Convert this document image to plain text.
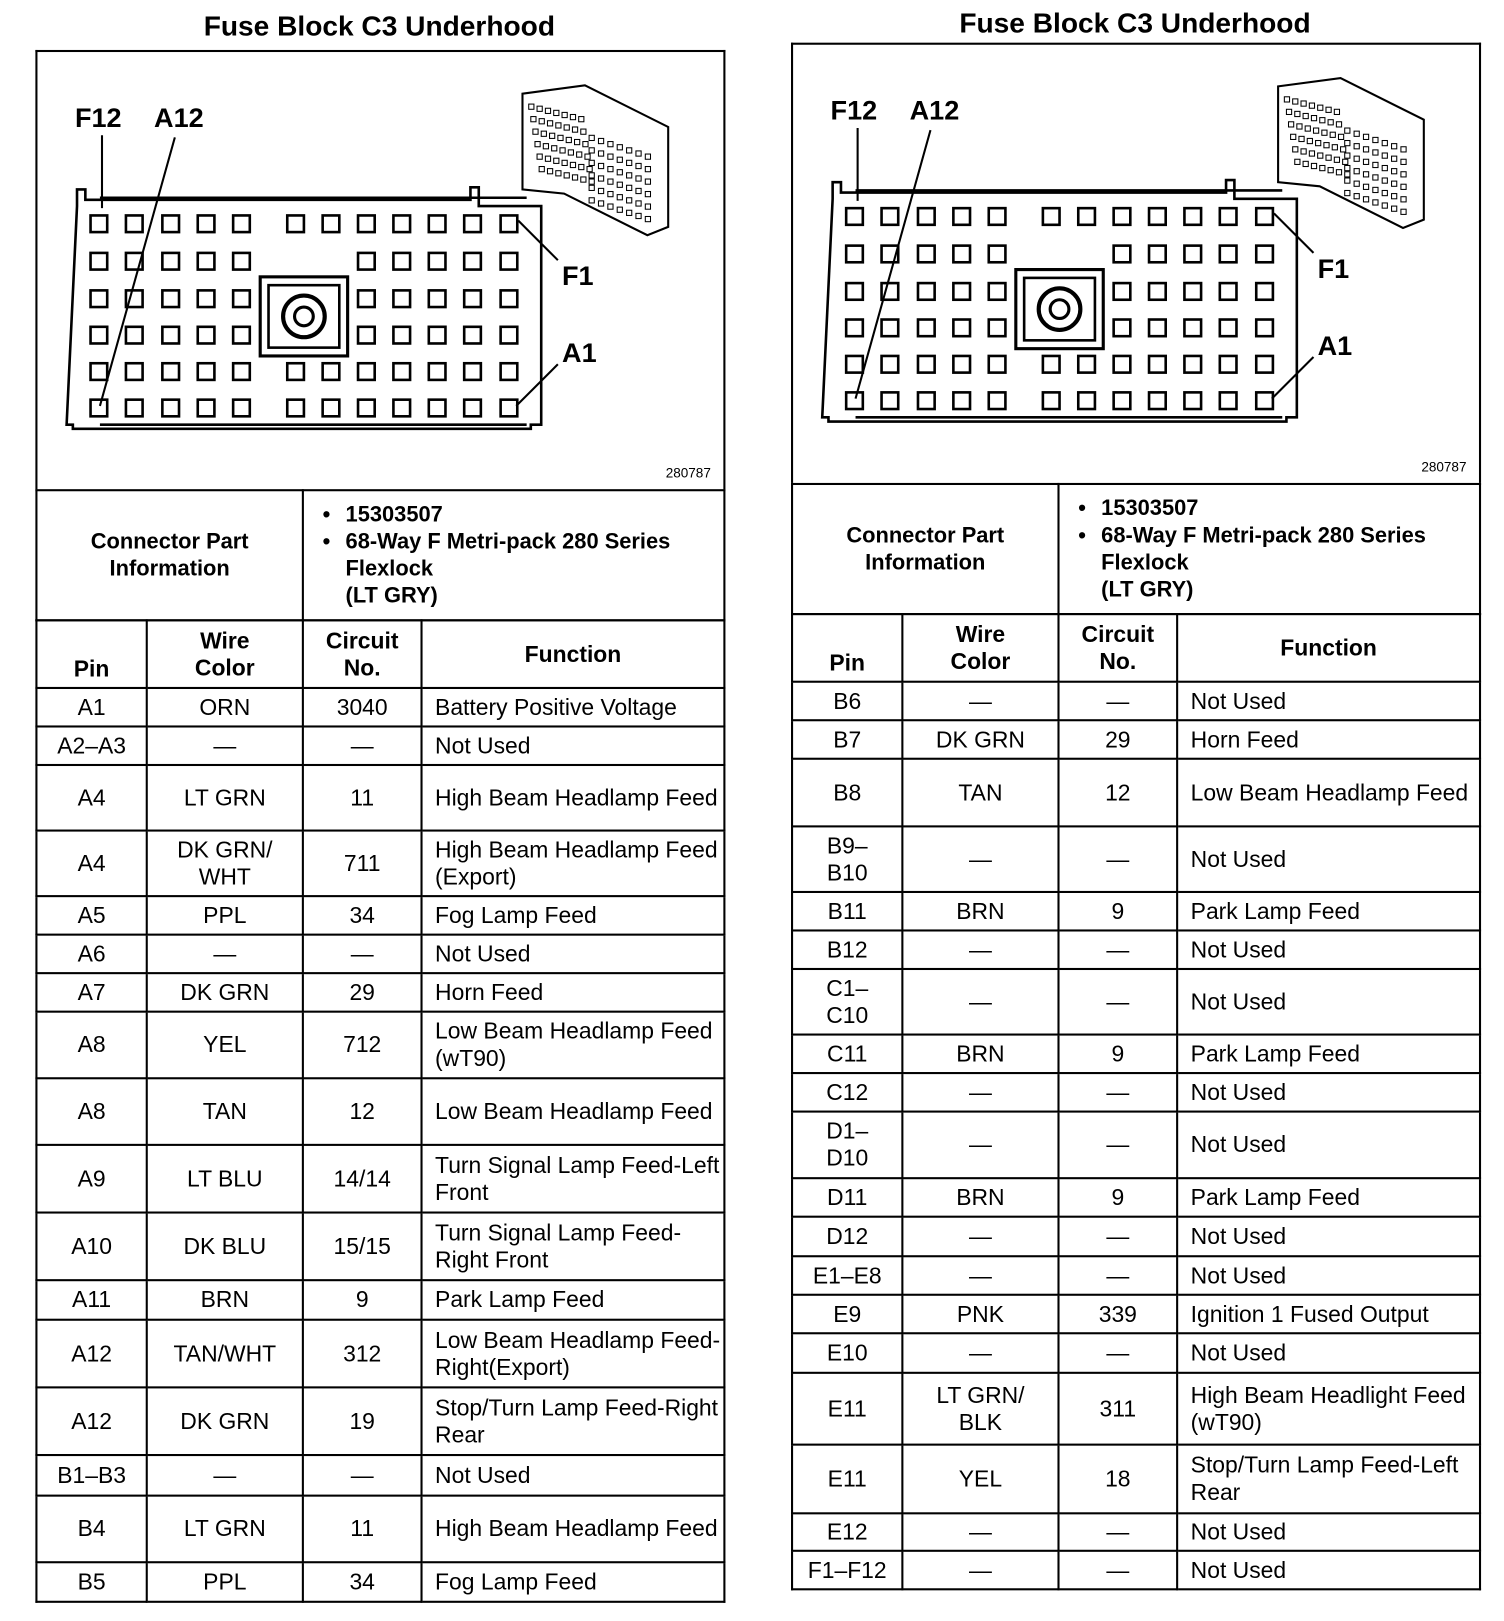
Fuse Block C3 Underhood
F12 A12
F1
A1
280787
Connector Part Information	
• 15303507
• 68-Way F Metri-pack 280 Series Flexlock
(LT GRY)
Pin	Wire Color	Circuit No.	Function
A1	ORN	3040	Battery Positive Voltage
A2–A3	—	—	Not Used
A4	LT GRN	11	High Beam Headlamp Feed
A4	DK GRN/ WHT	711	High Beam Headlamp Feed (Export)
A5	PPL	34	Fog Lamp Feed
A6	—	—	Not Used
A7	DK GRN	29	Horn Feed
A8	YEL	712	Low Beam Headlamp Feed (wT90)
A8	TAN	12	Low Beam Headlamp Feed
A9	LT BLU	14/14	Turn Signal Lamp Feed-Left Front
A10	DK BLU	15/15	Turn Signal Lamp Feed-Right Front
A11	BRN	9	Park Lamp Feed
A12	TAN/WHT	312	Low Beam Headlamp Feed-Right(Export)
A12	DK GRN	19	Stop/Turn Lamp Feed-Right Rear
B1–B3	—	—	Not Used
B4	LT GRN	11	High Beam Headlamp Feed
B5	PPL	34	Fog Lamp Feed
Fuse Block C3 Underhood
F12 A12
F1
A1
280787
Connector Part Information	
• 15303507
• 68-Way F Metri-pack 280 Series Flexlock
(LT GRY)
Pin	Wire Color	Circuit No.	Function
B6	—	—	Not Used
B7	DK GRN	29	Horn Feed
B8	TAN	12	Low Beam Headlamp Feed
B9– B10	—	—	Not Used
B11	BRN	9	Park Lamp Feed
B12	—	—	Not Used
C1– C10	—	—	Not Used
C11	BRN	9	Park Lamp Feed
C12	—	—	Not Used
D1– D10	—	—	Not Used
D11	BRN	9	Park Lamp Feed
D12	—	—	Not Used
E1–E8	—	—	Not Used
E9	PNK	339	Ignition 1 Fused Output
E10	—	—	Not Used
E11	LT GRN/ BLK	311	High Beam Headlight Feed (wT90)
E11	YEL	18	Stop/Turn Lamp Feed-Left Rear
E12	—	—	Not Used
F1–F12	—	—	Not Used
